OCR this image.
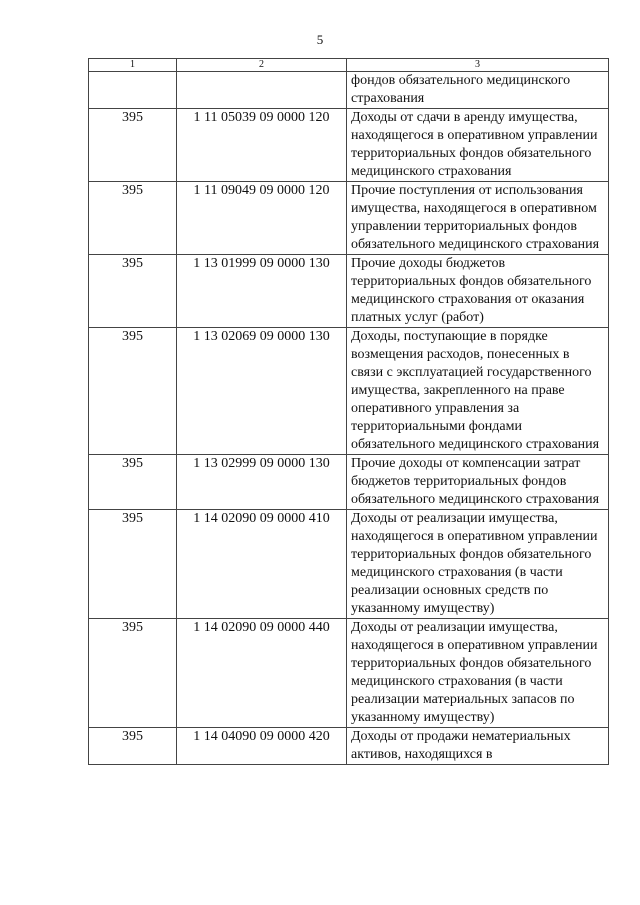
5
1	2	3
		фондов обязательного медицинского страхования
395	1 11 05039 09 0000 120	Доходы от сдачи в аренду имущества, находящегося в оперативном управлении территориальных фондов обязательного медицинского страхования
395	1 11 09049 09 0000 120	Прочие поступления от использования имущества, находящегося в оперативном управлении территориальных фондов обязательного медицинского страхования
395	1 13 01999 09 0000 130	Прочие доходы бюджетов территориальных фондов обязательного медицинского страхования от оказания платных услуг (работ)
395	1 13 02069 09 0000 130	Доходы, поступающие в порядке возмещения расходов, понесенных в связи с эксплуатацией государственного имущества, закрепленного на праве оперативного управления за территориальными фондами обязательного медицинского страхования
395	1 13 02999 09 0000 130	Прочие доходы от компенсации затрат бюджетов территориальных фондов обязательного медицинского страхования
395	1 14 02090 09 0000 410	Доходы от реализации имущества, находящегося в оперативном управлении территориальных фондов обязательного медицинского страхования (в части реализации основных средств по указанному имуществу)
395	1 14 02090 09 0000 440	Доходы от реализации имущества, находящегося в оперативном управлении территориальных фондов обязательного медицинского страхования (в части реализации материальных запасов по указанному имуществу)
395	1 14 04090 09 0000 420	Доходы от продажи нематериальных активов, находящихся в
